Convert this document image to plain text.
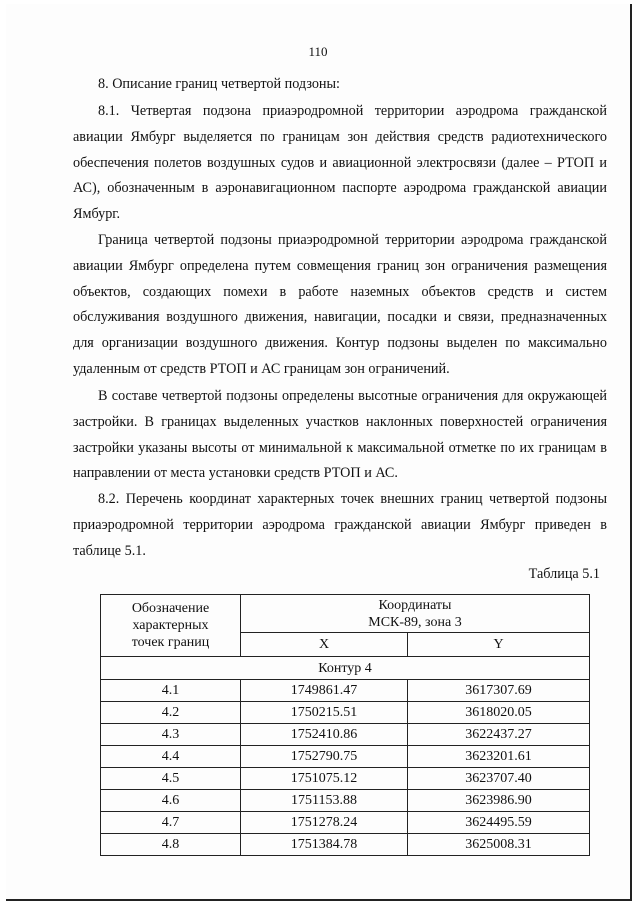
110

8. Описание границ четвертой подзоны:

8.1. Четвертая подзона приаэродромной территории аэродрома гражданской авиации Ямбург выделяется по границам зон действия средств радиотехнического обеспечения полетов воздушных судов и авиационной электросвязи (далее – РТОП и АС), обозначенным в аэронавигационном паспорте аэродрома гражданской авиации Ямбург.

Граница четвертой подзоны приаэродромной территории аэродрома гражданской авиации Ямбург определена путем совмещения границ зон ограничения размещения объектов, создающих помехи в работе наземных объектов средств и систем обслуживания воздушного движения, навигации, посадки и связи, предназначенных для организации воздушного движения. Контур подзоны выделен по максимально удаленным от средств РТОП и АС границам зон ограничений.

В составе четвертой подзоны определены высотные ограничения для окружающей застройки. В границах выделенных участков наклонных поверхностей ограничения застройки указаны высоты от минимальной к максимальной отметке по их границам в направлении от места установки средств РТОП и АС.

8.2. Перечень координат характерных точек внешних границ четвертой подзоны приаэродромной территории аэродрома гражданской авиации Ямбург приведен в таблице 5.1.

Таблица 5.1
Обозначение
характерных
точек границ	Координаты
МСК-89, зона 3	
	X	Y
Контур 4		
4.1	1749861.47	3617307.69
4.2	1750215.51	3618020.05
4.3	1752410.86	3622437.27
4.4	1752790.75	3623201.61
4.5	1751075.12	3623707.40
4.6	1751153.88	3623986.90
4.7	1751278.24	3624495.59
4.8	1751384.78	3625008.31
